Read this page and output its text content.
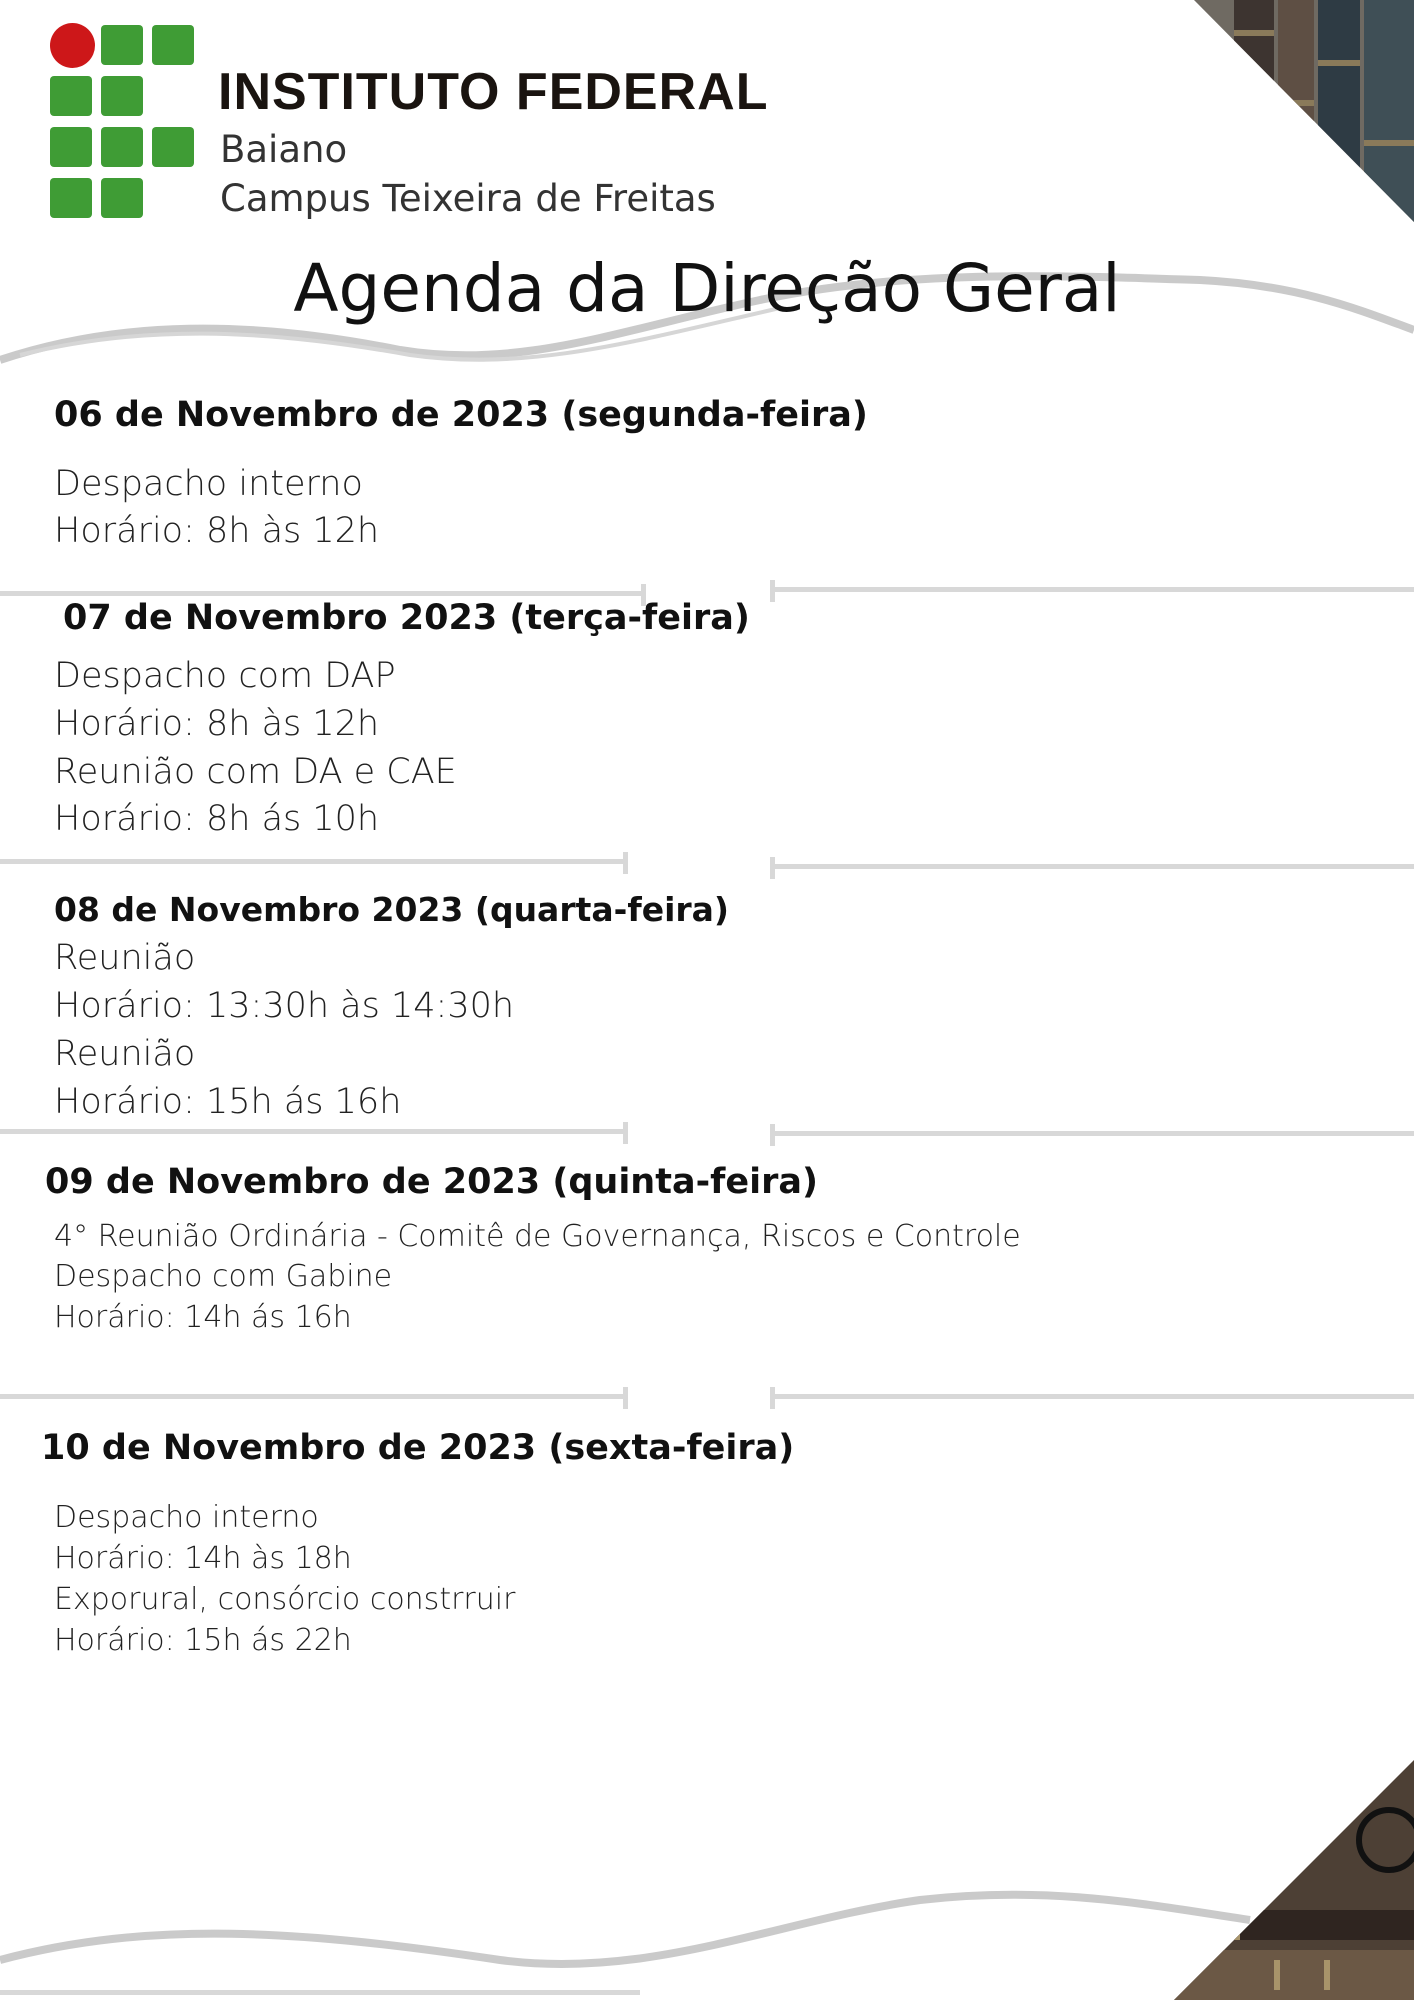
INSTITUTO FEDERAL
Baiano
Campus Teixeira de Freitas
Agenda da Direção Geral
06 de Novembro de 2023 (segunda-feira)
Despacho interno
Horário: 8h às 12h
07 de Novembro 2023 (terça-feira)
Despacho com DAP
Horário: 8h às 12h
Reunião com DA e CAE
Horário: 8h ás 10h
08 de Novembro 2023 (quarta-feira)
Reunião
Horário: 13:30h às 14:30h
Reunião
Horário: 15h ás 16h
09 de Novembro de 2023 (quinta-feira)
4° Reunião Ordinária - Comitê de Governança, Riscos e Controle
Despacho com Gabine
Horário: 14h ás 16h
10 de Novembro de 2023 (sexta-feira)
Despacho interno
Horário: 14h às 18h
Exporural, consórcio constrruir
Horário: 15h ás 22h
